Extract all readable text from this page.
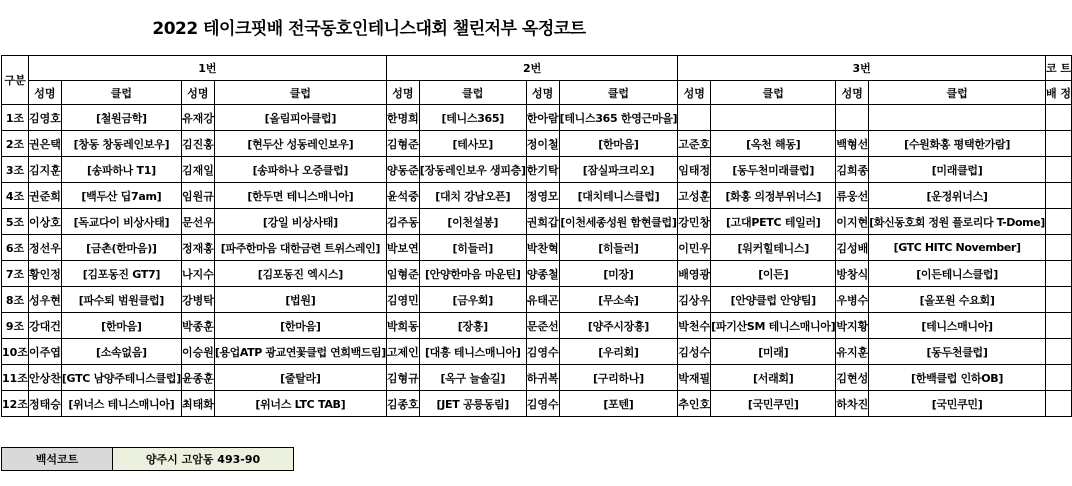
2022 테이크핏배 전국동호인테니스대회 챌린저부 옥정코트
구분	1번				2번				3번				코 트
	성명	클럽	성명	클럽	성명	클럽	성명	클럽	성명	클럽	성명	클럽	배 정
1조	김영호	[철원금학]	유재강	[올림피아클럽]	한명희	[테니스365]	한아람	[테니스365 한영근마을]					
2조	권은택	[창동 창동레인보우]	김진홍	[현두산 성동레인보우]	김형준	[테사모]	정이철	[한마음]	고준호	[옥천 해동]	백형선	[수원화홍 평택한가람]	
3조	김지훈	[송파하나 T1]	김재일	[송파하나 오증클럽]	양동준	[장동레인보우 생피층]	한기탁	[잠실파크리오]	임태정	[동두천미래클럽]	김희종	[미래클럽]	
4조	권준희	[백두산 딥7am]	임원규	[한두면 테니스매니아]	윤석중	[대치 강남오픈]	정영모	[대치테니스클럽]	고성훈	[화홍 의정부위너스]	류웅선	[운정위너스]	
5조	이상호	[독교다이 비상사태]	문선우	[강일 비상사태]	김주동	[이천설봉]	권희갑	[이천세종성원 함현클럽]	강민창	[고대PETC 테일러]	이지현	[화신동호회 정원 플로리다 T-Dome]	
6조	정선우	[금촌(한마음)]	정재홍	[파주한마음 대한금련 트위스레인]	박보연	[히들러]	박찬혁	[히들러]	이민우	[워커힐테니스]	김성배	[GTC HITC November]	
7조	황인정	[김포동진 GT7]	나지수	[김포동진 엑시스]	임형준	[안양한마음 마운틴]	양종철	[미장]	배영광	[이든]	방창식	[이든테니스클럽]	
8조	성우현	[파수퇴 범원클럽]	강병탁	[법원]	김영민	[금우회]	유태곤	[무소속]	김상우	[안양클럽 안양팀]	우병수	[올포원 수요회]	
9조	강대건	[한마음]	박종훈	[한마음]	박희동	[장흥]	문준선	[양주시장흥]	박천수	[파기산SM 테니스매니아]	박지황	[테니스매니아]	
10조	이주엽	[소속없음]	이승원	[용업ATP 광교연꽃클럽 연희백드림]	고제인	[대흥 테니스매니아]	김영수	[우리회]	김성수	[미래]	유지훈	[동두천클럽]	
11조	안상찬	[GTC 남양주테니스클럽]	윤종훈	[줄탈라]	김형규	[옥구 늘솔길]	하귀복	[구리하나]	박재필	[서래회]	김현성	[한백클럽 인하OB]	
12조	정태승	[위너스 테니스매니아]	최태화	[위너스 LTC TAB]	김종호	[JET 공릉동림]	김영수	[포텐]	추인호	[국민쿠민]	하차진	[국민쿠민]	
백석코트	양주시 고암동 493-90
